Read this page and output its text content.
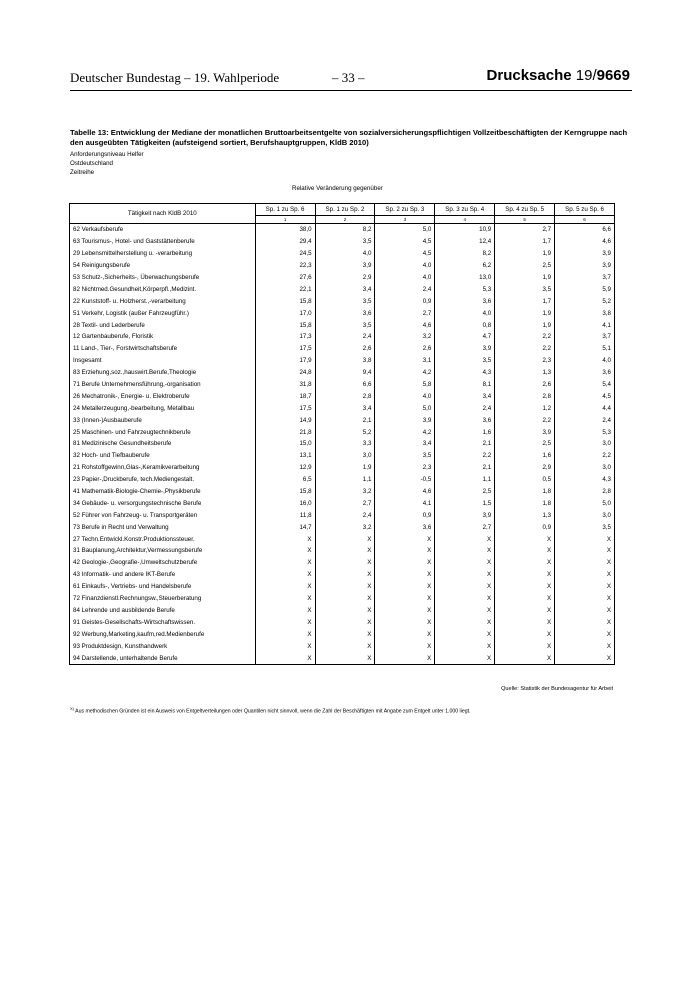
Deutscher Bundestag – 19. Wahlperiode	– 33 –	Drucksache 19/9669
Tabelle 13: Entwicklung der Mediane der monatlichen Bruttoarbeitsentgelte von sozialversicherungspflichtigen Vollzeitbeschäftigten der Kerngruppe nach den ausgeübten Tätigkeiten (aufsteigend sortiert, Berufshauptgruppen, KldB 2010)
Anforderungsniveau Helfer
Ostdeutschland
Zeitreihe
Relative Veränderung gegenüber
Tätigkeit nach KldB 2010	Sp. 1 zu Sp. 6	Sp. 1 zu Sp. 2	Sp. 2 zu Sp. 3	Sp. 3 zu Sp. 4	Sp. 4 zu Sp. 5	Sp. 5 zu Sp. 6
	1	2	3	4	5	6
62 Verkaufsberufe	38,0	8,2	5,0	10,9	2,7	6,6
63 Tourismus-, Hotel- und Gaststättenberufe	29,4	3,5	4,5	12,4	1,7	4,6
29 Lebensmittelherstellung u. -verarbeitung	24,5	4,0	4,5	8,2	1,9	3,9
54 Reinigungsberufe	22,3	3,9	4,0	6,2	2,5	3,9
53 Schutz-,Sicherheits-, Überwachungsberufe	27,6	2,9	4,0	13,0	1,9	3,7
82 Nichtmed.Gesundheit,Körperpfl.,Medizint.	22,1	3,4	2,4	5,3	3,5	5,9
22 Kunststoff- u. Holzherst.,-verarbeitung	15,8	3,5	0,9	3,6	1,7	5,2
51 Verkehr, Logistik (außer Fahrzeugführ.)	17,0	3,6	2,7	4,0	1,9	3,8
28 Textil- und Lederberufe	15,8	3,5	4,6	0,8	1,9	4,1
12 Gartenbauberufe, Floristik	17,3	2,4	3,2	4,7	2,2	3,7
11 Land-, Tier-, Forstwirtschaftsberufe	17,5	2,6	2,6	3,9	2,2	5,1
Insgesamt	17,9	3,8	3,1	3,5	2,3	4,0
83 Erziehung,soz.,hauswirt.Berufe,Theologie	24,8	9,4	4,2	4,3	1,3	3,6
71 Berufe Unternehmensführung,-organisation	31,8	6,6	5,8	8,1	2,6	5,4
26 Mechatronik-, Energie- u. Elektroberufe	18,7	2,8	4,0	3,4	2,8	4,5
24 Metallerzeugung,-bearbeitung, Metallbau	17,5	3,4	5,0	2,4	1,2	4,4
33 (Innen-)Ausbauberufe	14,9	2,1	3,9	3,6	2,2	2,4
25 Maschinen- und Fahrzeugtechnikberufe	21,8	5,2	4,2	1,6	3,9	5,3
81 Medizinische Gesundheitsberufe	15,0	3,3	3,4	2,1	2,5	3,0
32 Hoch- und Tiefbauberufe	13,1	3,0	3,5	2,2	1,6	2,2
21 Rohstoffgewinn,Glas-,Keramikverarbeitung	12,9	1,9	2,3	2,1	2,9	3,0
23 Papier-,Druckberufe, tech.Mediengestalt.	6,5	1,1	-0,5	1,1	0,5	4,3
41 Mathematik-Biologie-Chemie-,Physikberufe	15,8	3,2	4,6	2,5	1,8	2,8
34 Gebäude- u. versorgungstechnische Berufe	16,0	2,7	4,1	1,5	1,8	5,0
52 Führer von Fahrzeug- u. Transportgeräten	11,8	2,4	0,9	3,9	1,3	3,0
73 Berufe in Recht und Verwaltung	14,7	3,2	3,6	2,7	0,9	3,5
27 Techn.Entwickl.Konstr.Produktionssteuer.	X	X	X	X	X	X
31 Bauplanung,Architektur,Vermessungsberufe	X	X	X	X	X	X
42 Geologie-,Geografie-,Umweltschutzberufe	X	X	X	X	X	X
43 Informatik- und andere IKT-Berufe	X	X	X	X	X	X
61 Einkaufs-, Vertriebs- und Handelsberufe	X	X	X	X	X	X
72 Finanzdienstl.Rechnungsw.,Steuerberatung	X	X	X	X	X	X
84 Lehrende und ausbildende Berufe	X	X	X	X	X	X
91 Geistes-Gesellschafts-Wirtschaftswissen.	X	X	X	X	X	X
92 Werbung,Marketing,kaufm,red.Medienberufe	X	X	X	X	X	X
93 Produktdesign, Kunsthandwerk	X	X	X	X	X	X
94 Darstellende, unterhaltende Berufe	X	X	X	X	X	X
Quelle: Statistik der Bundesagentur für Arbeit
$^{X)}$ Aus methodischen Gründen ist ein Ausweis von Entgeltverteilungen oder Quantilen nicht sinnvoll, wenn die Zahl der Beschäftigten mit Angabe zum Entgelt unter 1.000 liegt.
